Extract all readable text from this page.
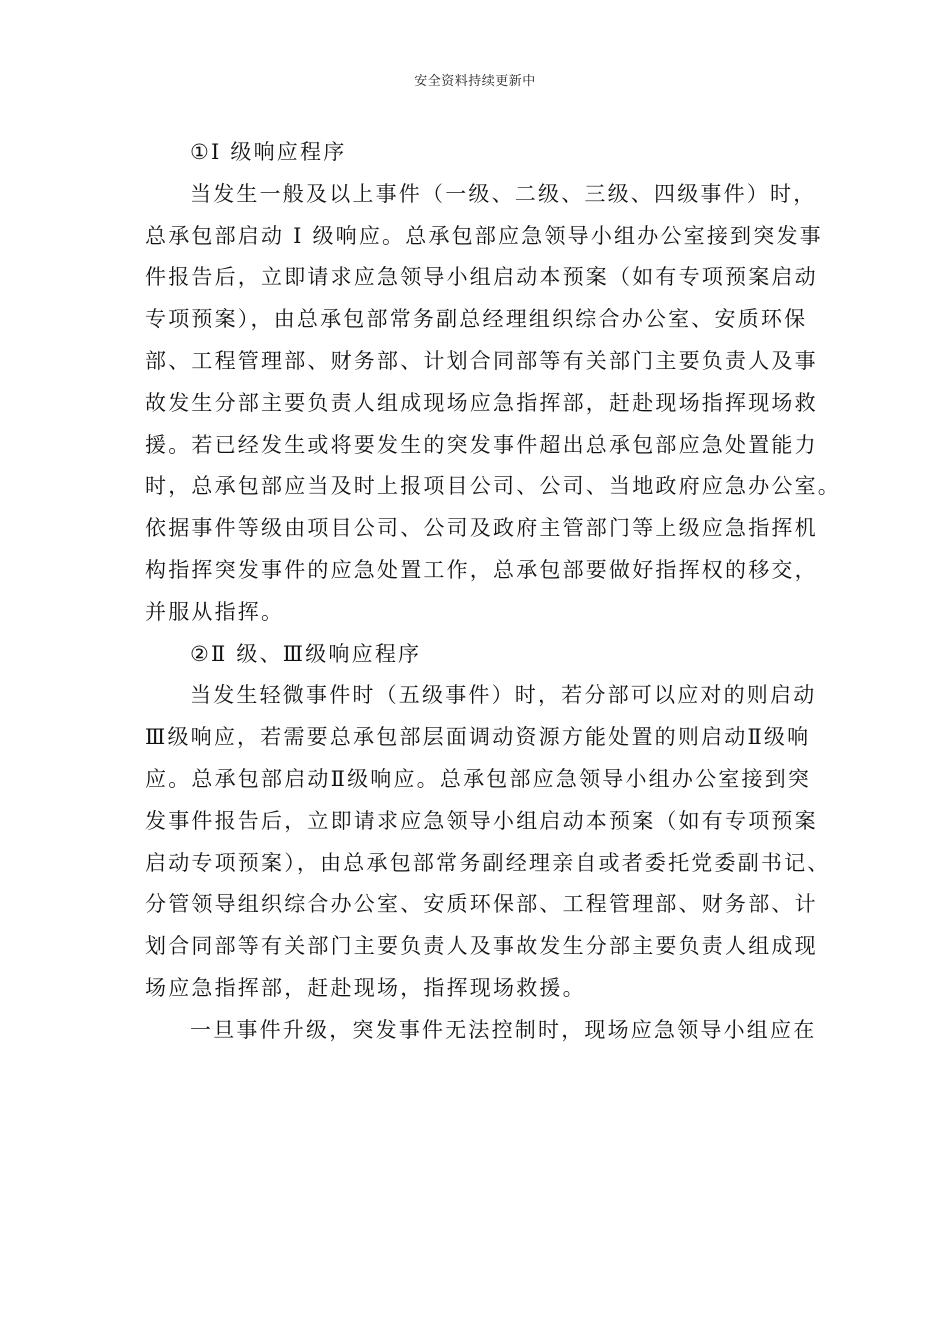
安全资料持续更新中
①I 级响应程序
当发生一般及以上事件（一级、二级、三级、四级事件）时，
总承包部启动 I 级响应。总承包部应急领导小组办公室接到突发事
件报告后，立即请求应急领导小组启动本预案（如有专项预案启动
专项预案），由总承包部常务副总经理组织综合办公室、安质环保
部、工程管理部、财务部、计划合同部等有关部门主要负责人及事
故发生分部主要负责人组成现场应急指挥部，赶赴现场指挥现场救
援。若已经发生或将要发生的突发事件超出总承包部应急处置能力
时，总承包部应当及时上报项目公司、公司、当地政府应急办公室。
依据事件等级由项目公司、公司及政府主管部门等上级应急指挥机
构指挥突发事件的应急处置工作，总承包部要做好指挥权的移交，
并服从指挥。
②Ⅱ 级、Ⅲ级响应程序
当发生轻微事件时（五级事件）时，若分部可以应对的则启动
Ⅲ级响应，若需要总承包部层面调动资源方能处置的则启动Ⅱ级响
应。总承包部启动Ⅱ级响应。总承包部应急领导小组办公室接到突
发事件报告后，立即请求应急领导小组启动本预案（如有专项预案
启动专项预案），由总承包部常务副经理亲自或者委托党委副书记、
分管领导组织综合办公室、安质环保部、工程管理部、财务部、计
划合同部等有关部门主要负责人及事故发生分部主要负责人组成现
场应急指挥部，赶赴现场，指挥现场救援。
一旦事件升级，突发事件无法控制时，现场应急领导小组应在
